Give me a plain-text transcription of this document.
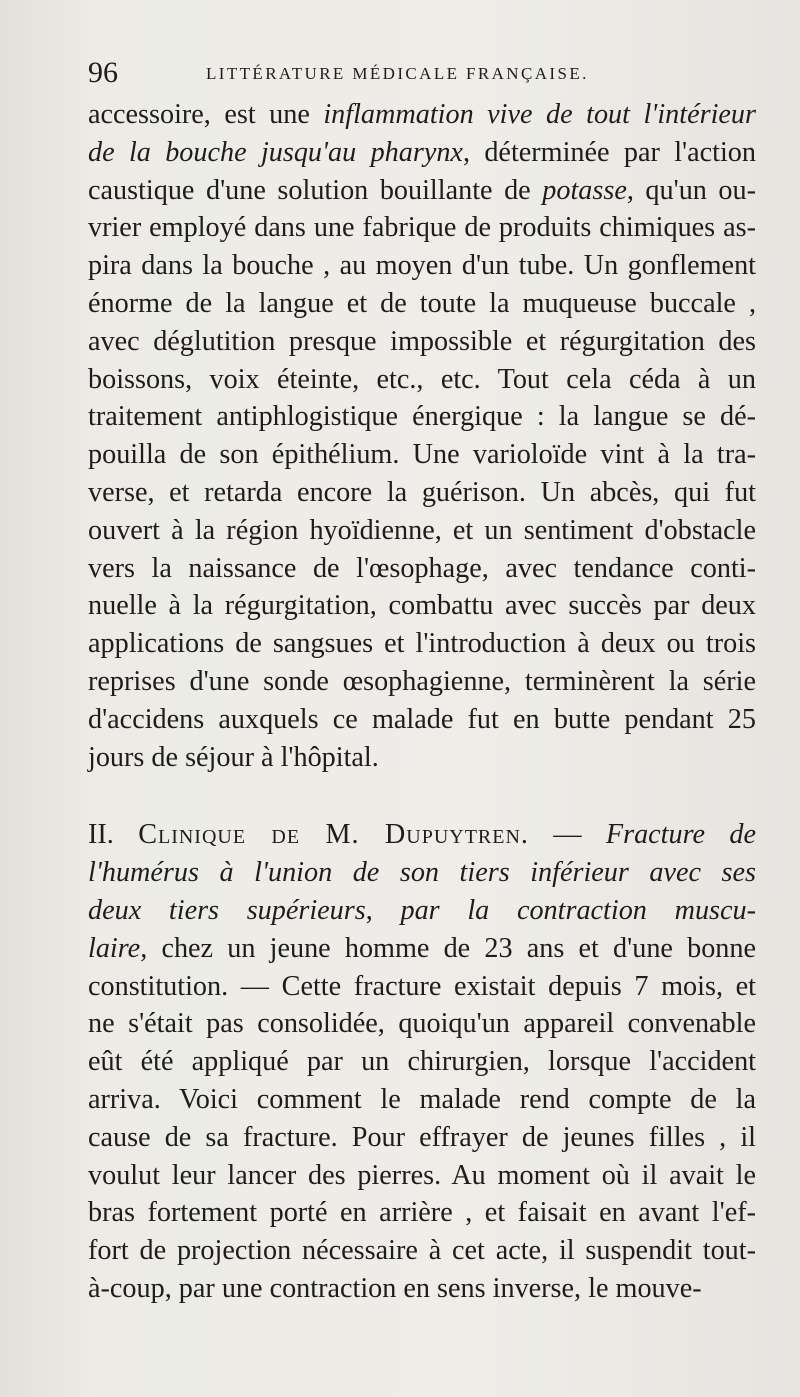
96	LITTÉRATURE MÉDICALE FRANÇAISE.
accessoire, est une inflammation vive de tout l'intérieur
de la bouche jusqu'au pharynx, déterminée par l'action
caustique d'une solution bouillante de potasse, qu'un ou-
vrier employé dans une fabrique de produits chimiques as-
pira dans la bouche , au moyen d'un tube. Un gonflement
énorme de la langue et de toute la muqueuse buccale ,
avec déglutition presque impossible et régurgitation des
boissons, voix éteinte, etc., etc. Tout cela céda à un
traitement antiphlogistique énergique : la langue se dé-
pouilla de son épithélium. Une varioloïde vint à la tra-
verse, et retarda encore la guérison. Un abcès, qui fut
ouvert à la région hyoïdienne, et un sentiment d'obstacle
vers la naissance de l'œsophage, avec tendance conti-
nuelle à la régurgitation, combattu avec succès par deux
applications de sangsues et l'introduction à deux ou trois
reprises d'une sonde œsophagienne, terminèrent la série
d'accidens auxquels ce malade fut en butte pendant 25
jours de séjour à l'hôpital.
II. Clinique de M. Dupuytren. — Fracture de
l'humérus à l'union de son tiers inférieur avec ses
deux tiers supérieurs, par la contraction muscu-
laire, chez un jeune homme de 23 ans et d'une bonne
constitution. — Cette fracture existait depuis 7 mois, et
ne s'était pas consolidée, quoiqu'un appareil convenable
eût été appliqué par un chirurgien, lorsque l'accident
arriva. Voici comment le malade rend compte de la
cause de sa fracture. Pour effrayer de jeunes filles , il
voulut leur lancer des pierres. Au moment où il avait le
bras fortement porté en arrière , et faisait en avant l'ef-
fort de projection nécessaire à cet acte, il suspendit tout-
à-coup, par une contraction en sens inverse, le mouve-
